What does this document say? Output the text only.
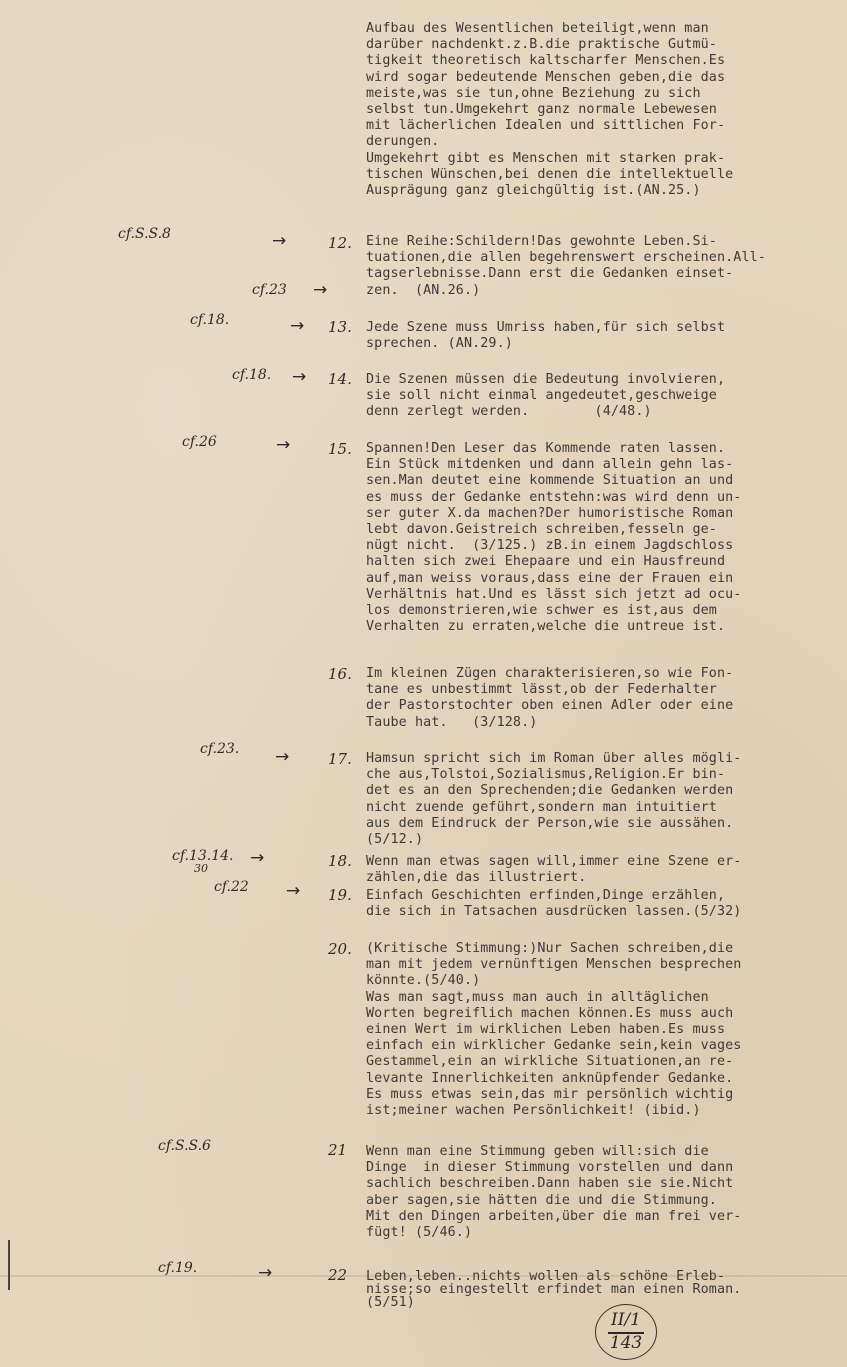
Aufbau des Wesentlichen beteiligt,wenn man
darüber nachdenkt.z.B.die praktische Gutmü-
tigkeit theoretisch kaltscharfer Menschen.Es
wird sogar bedeutende Menschen geben,die das
meiste,was sie tun,ohne Beziehung zu sich
selbst tun.Umgekehrt ganz normale Lebewesen
mit lächerlichen Idealen und sittlichen For-
derungen.
Umgekehrt gibt es Menschen mit starken prak-
tischen Wünschen,bei denen die intellektuelle
Ausprägung ganz gleichgültig ist.(AN.25.)
12.	Eine Reihe:Schildern!Das gewohnte Leben.Si-
tuationen,die allen begehrenswert erscheinen.All-
tagserlebnisse.Dann erst die Gedanken einset-
zen.  (AN.26.)
13.	Jede Szene muss Umriss haben,für sich selbst
sprechen. (AN.29.)
14.	Die Szenen müssen die Bedeutung involvieren,
sie soll nicht einmal angedeutet,geschweige
denn zerlegt werden.        (4/48.)
15.	Spannen!Den Leser das Kommende raten lassen.
Ein Stück mitdenken und dann allein gehn las-
sen.Man deutet eine kommende Situation an und
es muss der Gedanke entstehn:was wird denn un-
ser guter X.da machen?Der humoristische Roman
lebt davon.Geistreich schreiben,fesseln ge-
nügt nicht.  (3/125.) zB.in einem Jagdschloss
halten sich zwei Ehepaare und ein Hausfreund
auf,man weiss voraus,dass eine der Frauen ein
Verhältnis hat.Und es lässt sich jetzt ad ocu-
los demonstrieren,wie schwer es ist,aus dem
Verhalten zu erraten,welche die untreue ist.
16.	Im kleinen Zügen charakterisieren,so wie Fon-
tane es unbestimmt lässt,ob der Federhalter
der Pastorstochter oben einen Adler oder eine
Taube hat.   (3/128.)
17.	Hamsun spricht sich im Roman über alles mögli-
che aus,Tolstoi,Sozialismus,Religion.Er bin-
det es an den Sprechenden;die Gedanken werden
nicht zuende geführt,sondern man intuitiert
aus dem Eindruck der Person,wie sie aussähen.
(5/12.)
18.	Wenn man etwas sagen will,immer eine Szene er-
zählen,die das illustriert.
19.	Einfach Geschichten erfinden,Dinge erzählen,
die sich in Tatsachen ausdrücken lassen.(5/32)
20.	(Kritische Stimmung:)Nur Sachen schreiben,die
man mit jedem vernünftigen Menschen besprechen
könnte.(5/40.)
Was man sagt,muss man auch in alltäglichen
Worten begreiflich machen können.Es muss auch
einen Wert im wirklichen Leben haben.Es muss
einfach ein wirklicher Gedanke sein,kein vages
Gestammel,ein an wirkliche Situationen,an re-
levante Innerlichkeiten anknüpfender Gedanke.
Es muss etwas sein,das mir persönlich wichtig
ist;meiner wachen Persönlichkeit! (ibid.)
21	Wenn man eine Stimmung geben will:sich die
Dinge  in dieser Stimmung vorstellen und dann
sachlich beschreiben.Dann haben sie sie.Nicht
aber sagen,sie hätten die und die Stimmung.
Mit den Dingen arbeiten,über die man frei ver-
fügt! (5/46.)
22	Leben,leben..nichts wollen als schöne Erleb-
nisse;so eingestellt erfindet man einen Roman.
(5/51)
cf.S.S.8	→
cf.23 →
cf.18.	→
cf.18. →
cf.26	→
cf.23. →
cf.13.14.
30
→
cf.22 →
cf.S.S.6
cf.19.	→
II/1
143
